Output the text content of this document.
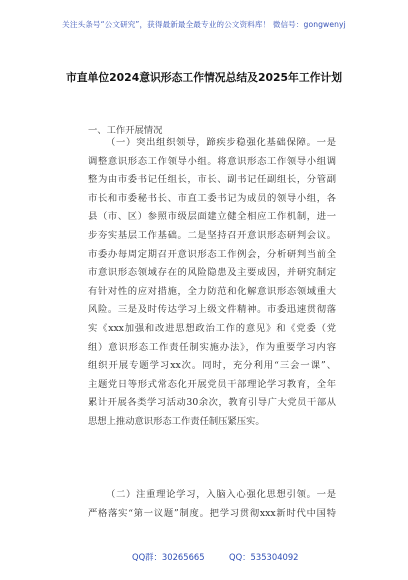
关注头条号“公文研究”，获得最新最全最专业的公文资料库！ 微信号：gongwenyj
市直单位2024意识形态工作情况总结及2025年工作计划
一、工作开展情况
（一）突出组织领导，蹄疾步稳强化基础保障。一是
调整意识形态工作领导小组。将意识形态工作领导小组调
整为由市委书记任组长，市长、副书记任副组长，分管副
市长和市委秘书长、市直工委书记为成员的领导小组，各
县（市、区）参照市级层面建立健全相应工作机制，进一
步夯实基层工作基础。二是坚持召开意识形态研判会议。
市委办每周定期召开意识形态工作例会，分析研判当前全
市意识形态领域存在的风险隐患及主要成因，并研究制定
有针对性的应对措施，全力防范和化解意识形态领域重大
风险。三是及时传达学习上级文件精神。市委迅速贯彻落
实《xxx加强和改进思想政治工作的意见》和《党委（党
组）意识形态工作责任制实施办法》，作为重要学习内容
组织开展专题学习xx次。同时，充分利用“三会一课”、
主题党日等形式常态化开展党员干部理论学习教育，全年
累计开展各类学习活动30余次，教育引导广大党员干部从
思想上推动意识形态工作责任制压紧压实。
（二）注重理论学习，入脑入心强化思想引领。一是
严格落实“第一议题”制度。把学习贯彻xxx新时代中国特
QQ群：30265665	QQ：535304092
